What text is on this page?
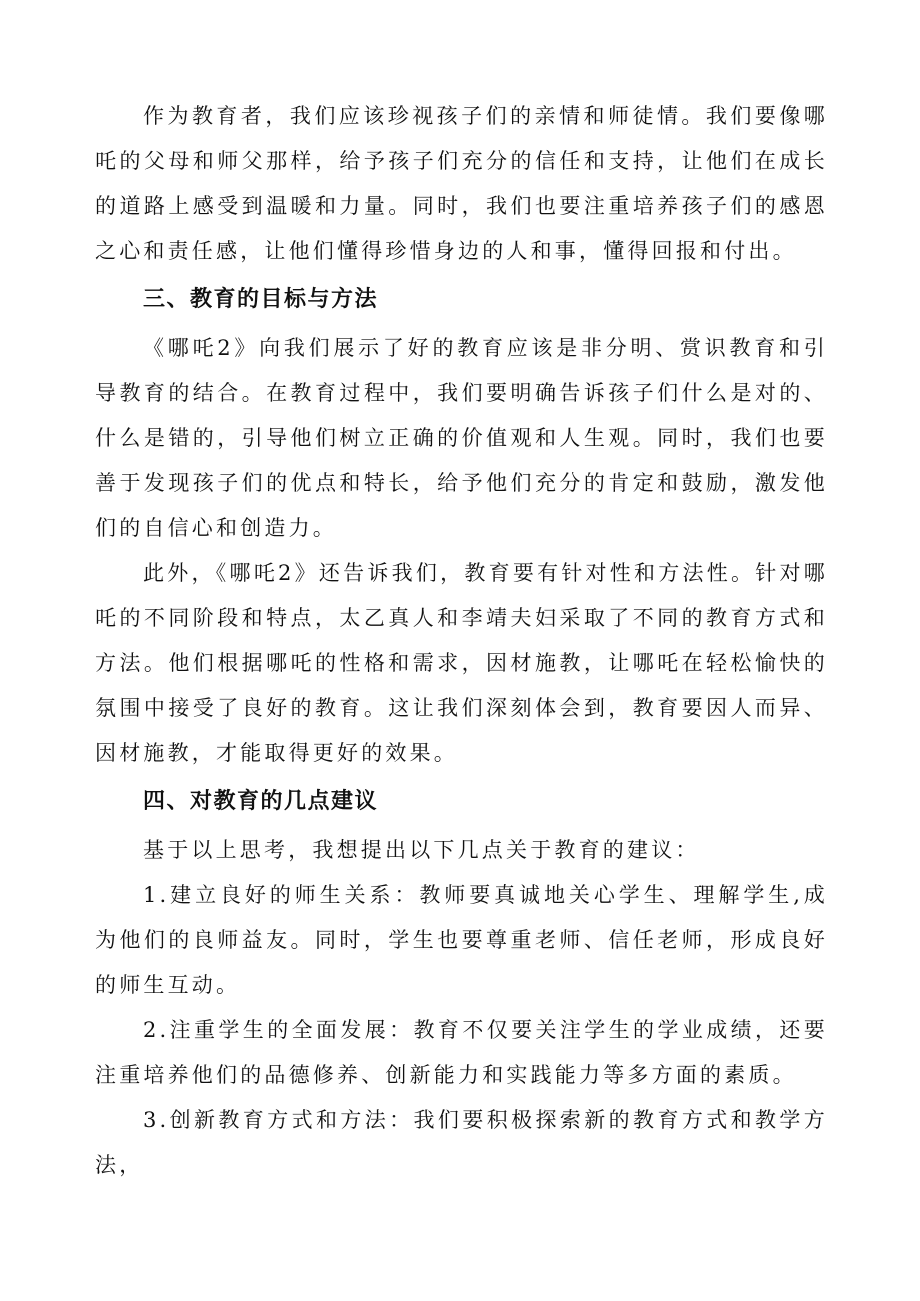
作为教育者，我们应该珍视孩子们的亲情和师徒情。我们要像哪吒的父母和师父那样，给予孩子们充分的信任和支持，让他们在成长的道路上感受到温暖和力量。同时，我们也要注重培养孩子们的感恩之心和责任感，让他们懂得珍惜身边的人和事，懂得回报和付出。

三、教育的目标与方法

《哪吒2》向我们展示了好的教育应该是非分明、赏识教育和引导教育的结合。在教育过程中，我们要明确告诉孩子们什么是对的、什么是错的，引导他们树立正确的价值观和人生观。同时，我们也要善于发现孩子们的优点和特长，给予他们充分的肯定和鼓励，激发他们的自信心和创造力。

此外，《哪吒2》还告诉我们，教育要有针对性和方法性。针对哪吒的不同阶段和特点，太乙真人和李靖夫妇采取了不同的教育方式和方法。他们根据哪吒的性格和需求，因材施教，让哪吒在轻松愉快的氛围中接受了良好的教育。这让我们深刻体会到，教育要因人而异、因材施教，才能取得更好的效果。

四、对教育的几点建议

基于以上思考，我想提出以下几点关于教育的建议：

1.建立良好的师生关系：教师要真诚地关心学生、理解学生,成为他们的良师益友。同时，学生也要尊重老师、信任老师，形成良好的师生互动。

2.注重学生的全面发展：教育不仅要关注学生的学业成绩，还要注重培养他们的品德修养、创新能力和实践能力等多方面的素质。

3.创新教育方式和方法：我们要积极探索新的教育方式和教学方法，
